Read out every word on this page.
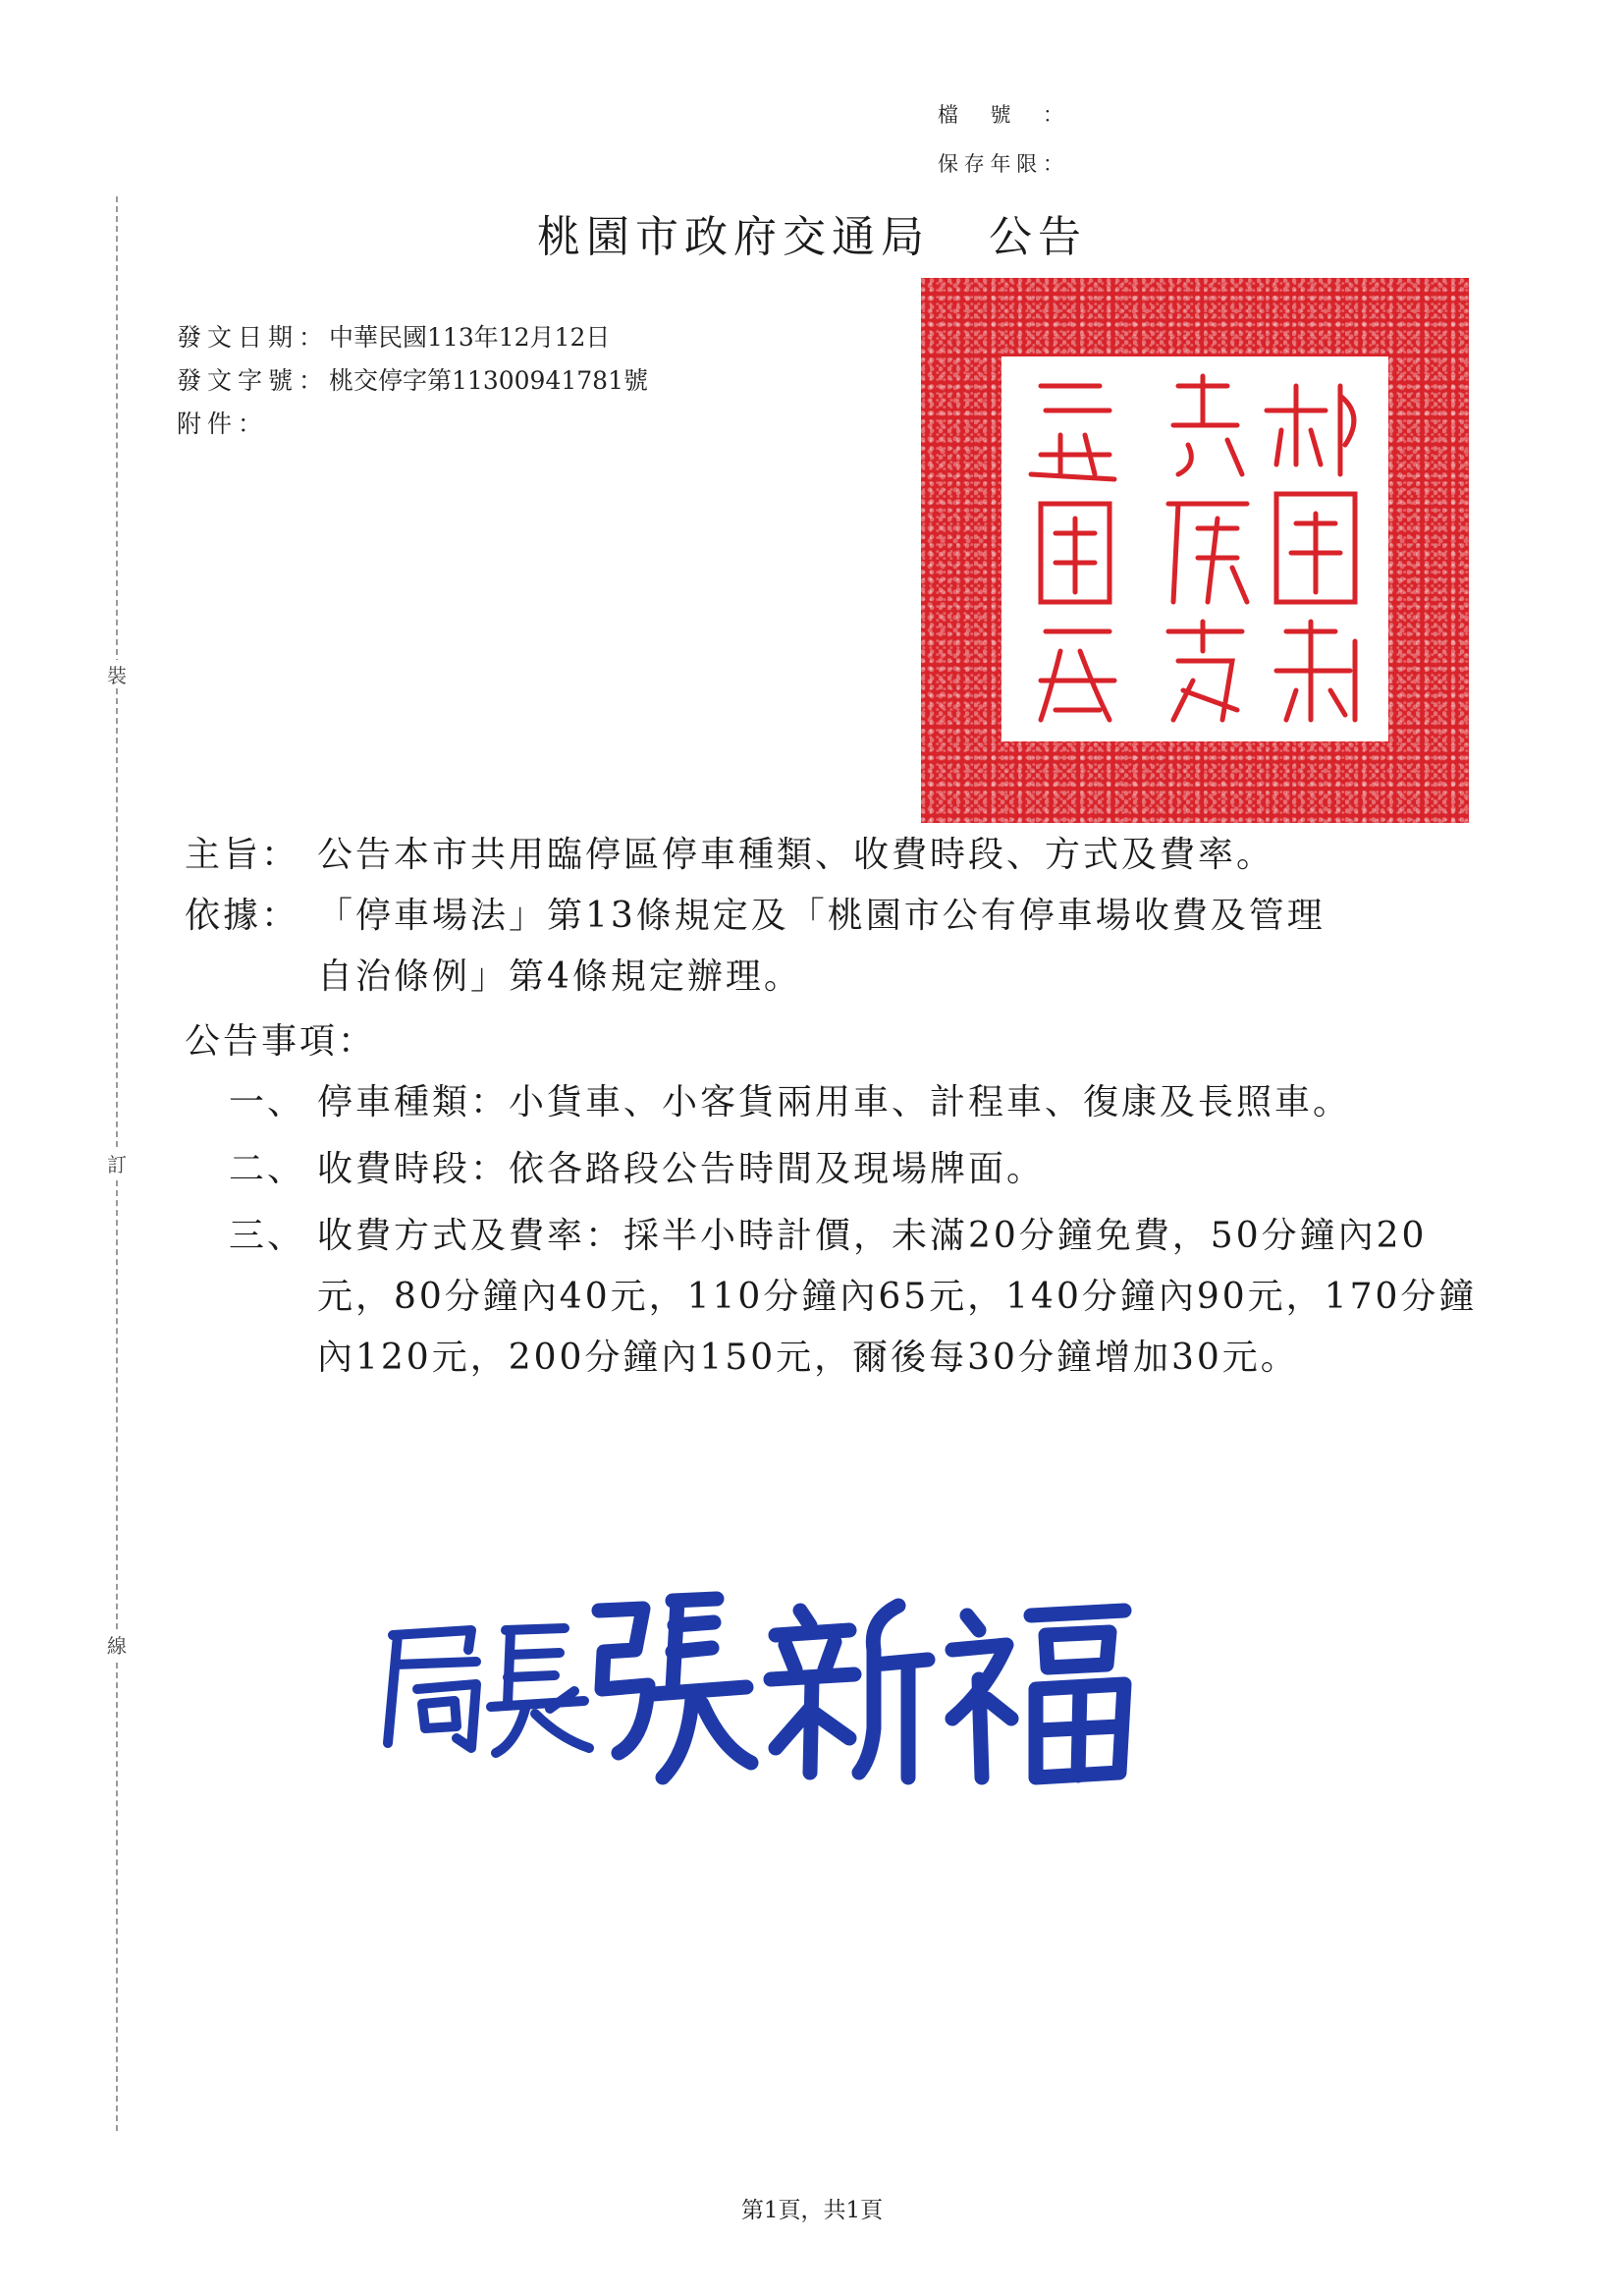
裝
訂
線
檔號：
保存年限：
桃園市政府交通局 公告
發文日期： 中華民國113年12月12日
發文字號： 桃交停字第11300941781號
附件：
主旨： 公告本市共用臨停區停車種類、收費時段、方式及費率。
依據： 「停車場法」第13條規定及「桃園市公有停車場收費及管理
自治條例」第4條規定辦理。
公告事項：
一、 停車種類：小貨車、小客貨兩用車、計程車、復康及長照車。
二、 收費時段：依各路段公告時間及現場牌面。
三、 收費方式及費率：採半小時計價，未滿20分鐘免費，50分鐘內20元，80分鐘內40元，110分鐘內65元，140分鐘內90元，170分鐘內120元，200分鐘內150元，爾後每30分鐘增加30元。
第1頁，共1頁
